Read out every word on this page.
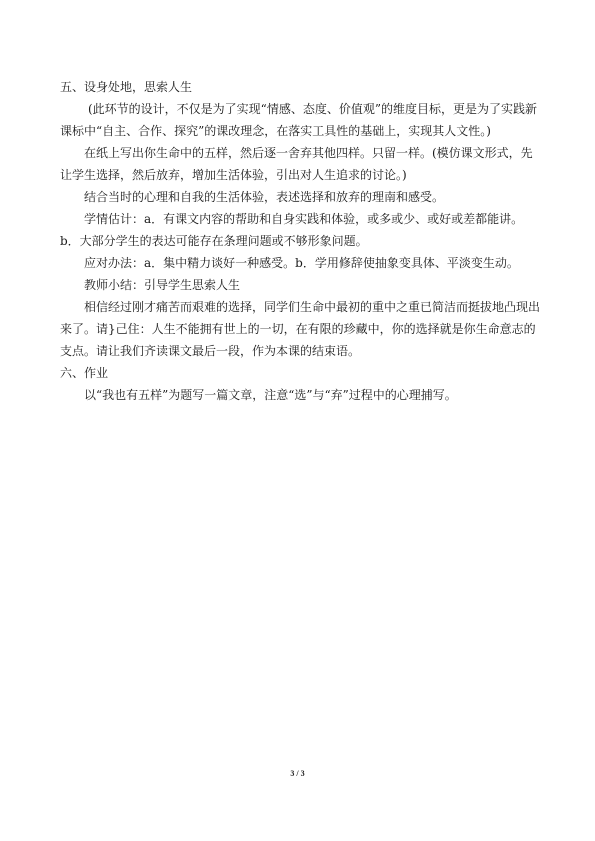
五、设身处地，思索人生

(此环节的设计，不仅是为了实现“情感、态度、价值观”的维度目标，更是为了实践新课标中“自主、合作、探究”的课改理念，在落实工具性的基础上，实现其人文性。)

在纸上写出你生命中的五样，然后逐一舍弃其他四样。只留一样。(模仿课文形式，先让学生选择，然后放弃，增加生活体验，引出对人生追求的讨论。)

结合当时的心理和自我的生活体验，表述选择和放弃的理南和感受。

学情估计：a．有课文内容的帮助和自身实践和体验，或多或少、或好或差都能讲。

b．大部分学生的表达可能存在条理问题或不够形象问题。

应对办法：a．集中精力谈好一种感受。b．学用修辞使抽象变具体、平淡变生动。

教师小结：引导学生思索人生

相信经过刚才痛苦而艰难的选择，同学们生命中最初的重中之重已简洁而挺拔地凸现出来了。请}己住：人生不能拥有世上的一切，在有限的珍藏中，你的选择就是你生命意志的支点。请让我们齐读课文最后一段，作为本课的结束语。

六、作业

以“我也有五样”为题写一篇文章，注意“选”与“弃”过程中的心理捕写。

3 / 3
